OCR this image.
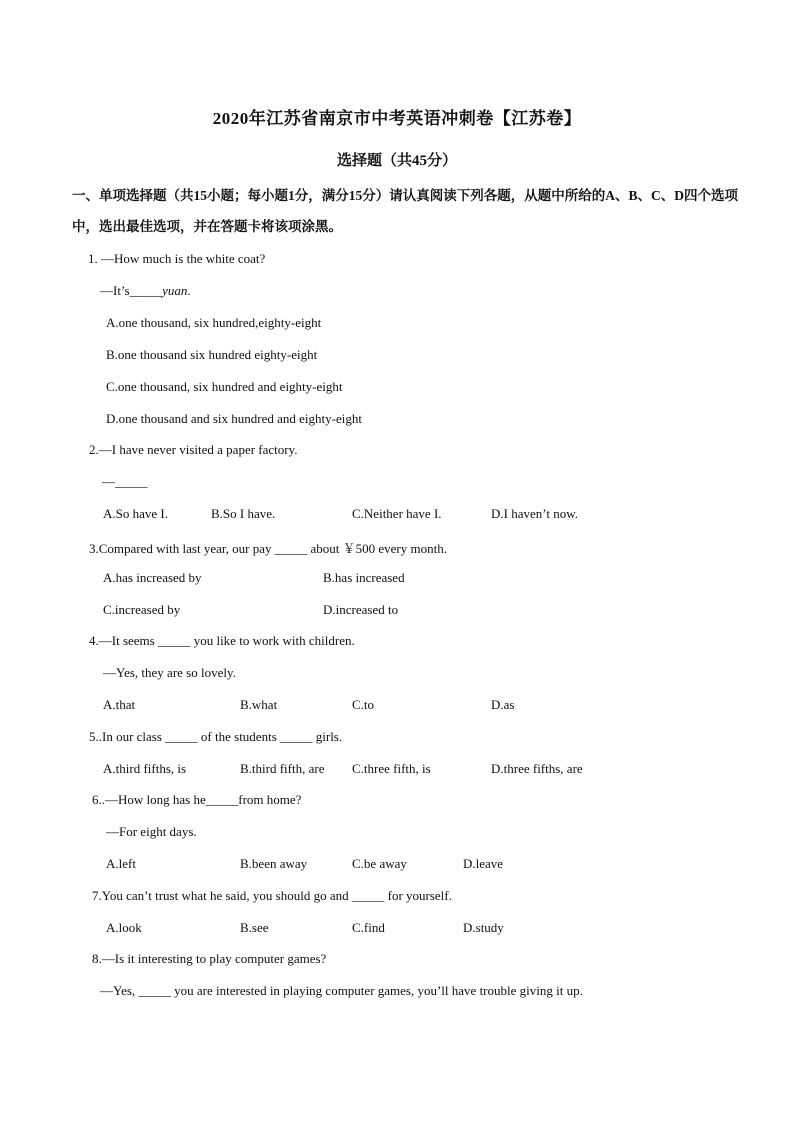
2020年江苏省南京市中考英语冲刺卷【江苏卷】
选择题（共45分）
一、单项选择题（共15小题；每小题1分，满分15分）请认真阅读下列各题，从题中所给的A、B、C、D四个选项中，选出最佳选项，并在答题卡将该项涂黑。
1. —How much is the white coat?
—It’s_____yuan.
A.one thousand, six hundred,eighty-eight
B.one thousand six hundred eighty-eight
C.one thousand, six hundred and eighty-eight
D.one thousand and six hundred and eighty-eight
2.—I have never visited a paper factory.
—_____
A.So have I.	B.So I have.	C.Neither have I.	D.I haven’t now.
3.Compared with last year, our pay _____ about ￥500 every month.
A.has increased by	B.has increased
C.increased by	D.increased to
4.—It seems _____ you like to work with children.
—Yes, they are so lovely.
A.that	B.what	C.to	D.as
5..In our class _____ of the students _____ girls.
A.third fifths, is	B.third fifth, are C.three fifth, is	D.three fifths, are
6..—How long has he_____from home?
—For eight days.
A.left	B.been away	C.be away	D.leave
7.You can’t trust what he said, you should go and _____ for yourself.
A.look	B.see	C.find	D.study
8.—Is it interesting to play computer games?
—Yes, _____ you are interested in playing computer games, you’ll have trouble giving it up.
